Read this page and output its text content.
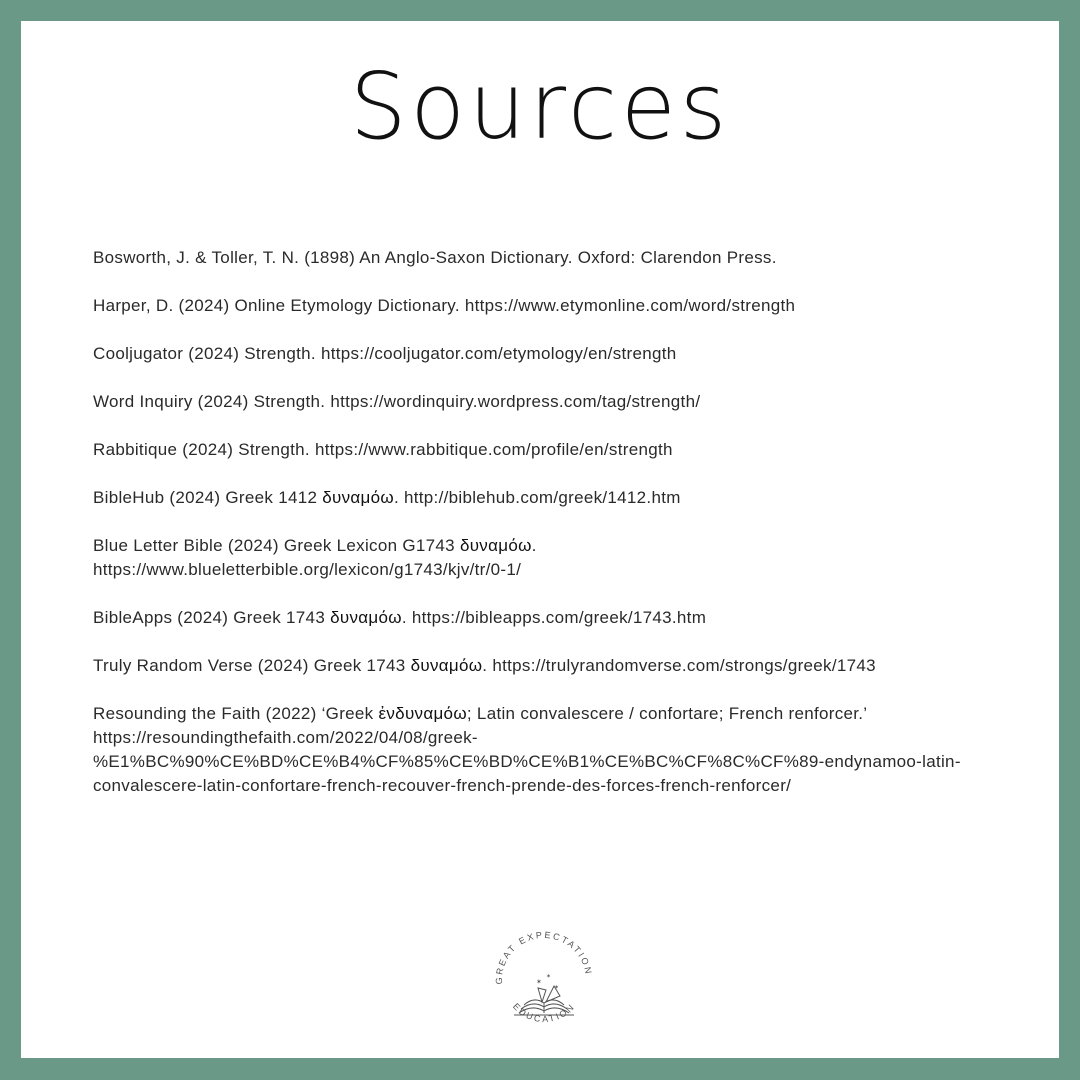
Sources
Bosworth, J. & Toller, T. N. (1898) An Anglo-Saxon Dictionary. Oxford: Clarendon Press.
Harper, D. (2024) Online Etymology Dictionary. https://www.etymonline.com/word/strength
Cooljugator (2024) Strength. https://cooljugator.com/etymology/en/strength
Word Inquiry (2024) Strength. https://wordinquiry.wordpress.com/tag/strength/
Rabbitique (2024) Strength. https://www.rabbitique.com/profile/en/strength
BibleHub (2024) Greek 1412 δυναμόω. http://biblehub.com/greek/1412.htm
Blue Letter Bible (2024) Greek Lexicon G1743 δυναμόω.
https://www.blueletterbible.org/lexicon/g1743/kjv/tr/0-1/
BibleApps (2024) Greek 1743 δυναμόω. https://bibleapps.com/greek/1743.htm
Truly Random Verse (2024) Greek 1743 δυναμόω. https://trulyrandomverse.com/strongs/greek/1743
Resounding the Faith (2022) ‘Greek ἐνδυναμόω; Latin convalescere / confortare; French renforcer.’
https://resoundingthefaith.com/2022/04/08/greek-%E1%BC%90%CE%BD%CE%B4%CF%85%CE%BD%CE%B1%CE%BC%CF%8C%CF%89-endynamoo-latin-convalescere-latin-confortare-french-recouver-french-prende-des-forces-french-renforcer/
GREAT EXPECTATION
EDUCATION
✶
✶
✶
